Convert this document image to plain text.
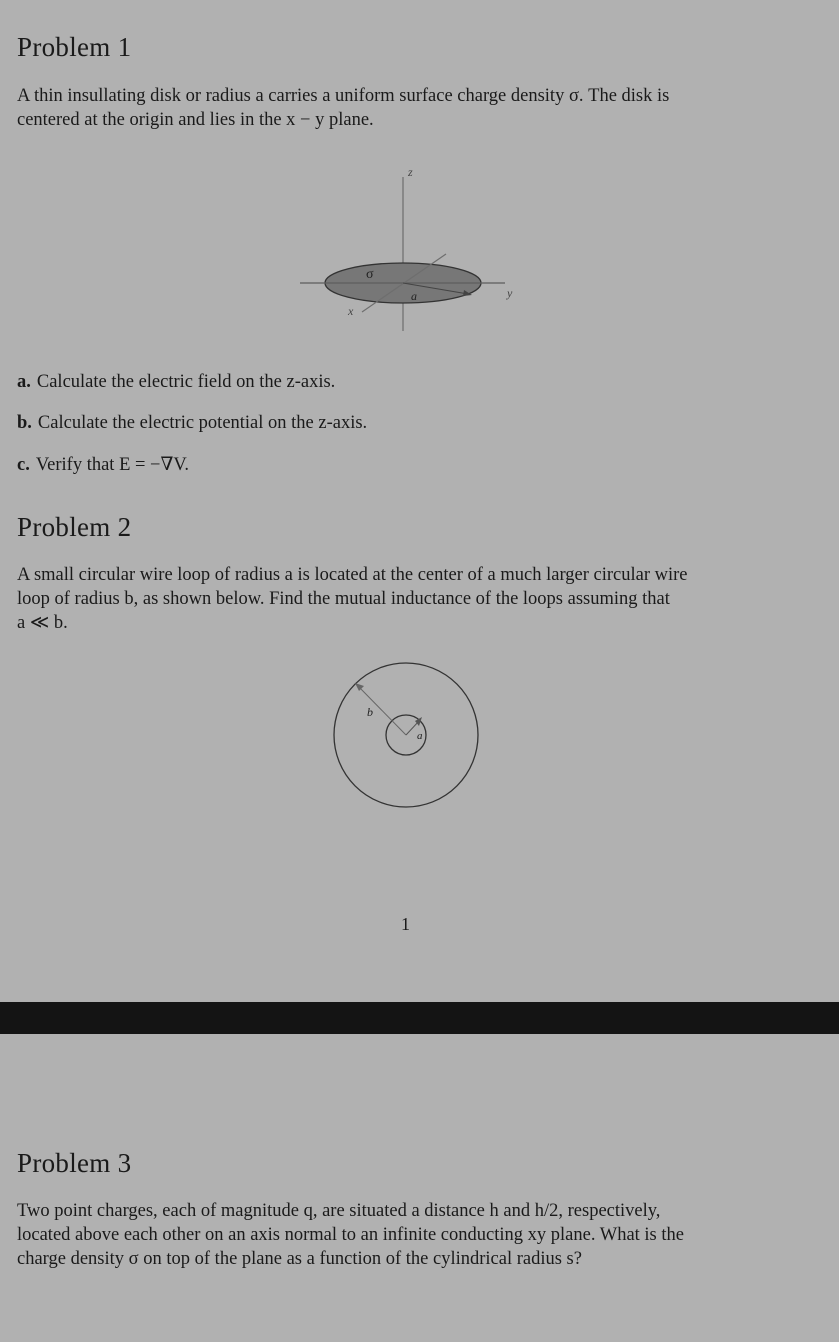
Problem 1

A thin insullating disk or radius a carries a uniform surface charge density σ. The disk is
centered at the origin and lies in the x − y plane.

z
y
x
a
σ
a. Calculate the electric field on the z-axis.
b. Calculate the electric potential on the z-axis.
c. Verify that E = −∇V.
Problem 2

A small circular wire loop of radius a is located at the center of a much larger circular wire
loop of radius b, as shown below. Find the mutual inductance of the loops assuming that
a ≪ b.

b
a
1
Problem 3

Two point charges, each of magnitude q, are situated a distance h and h/2, respectively,
located above each other on an axis normal to an infinite conducting xy plane. What is the
charge density σ on top of the plane as a function of the cylindrical radius s?
